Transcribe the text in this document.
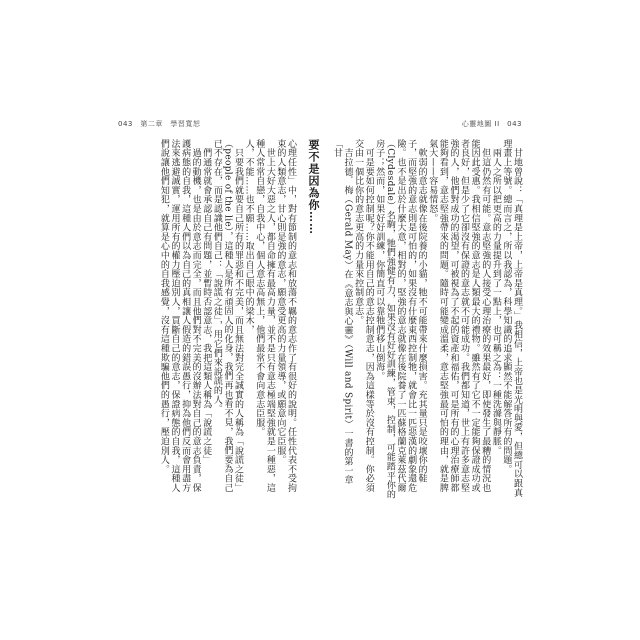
043　第二章　學習寬恕	心靈地圖 II　043
甘地曾說：「真理是上帝，上帝是真理。」我相信，上帝也是光明與愛，但總可以跟真理畫上等號。總而言之，所以我認為，科學知識的追求顯然不能解答所有的問題。
兩人之所以把更高的力量提升到了一點上，也可稱之為：一種洗滌與靜脈。
但這仍然有可能。意志堅強的人接受心理治療的效果最好，即使發生了最糟的情況也能因此受惠。我相信堅強的意志是人類最大的禮物。雖然有了它不一定能夠保證成功或者良好，但是少了它卻沒有保證的意志就不可能成功。我們都知道，世上有許多意志堅強的人，他們對成功的渴望，可被視為了不起的資產和福佑，可是所有的心理治療師都能夠看到，意志堅強帶來的問題。隨時可能變成溫柔，意志堅強最可怕的理由，就是脾氣大——容易情怒。
軟弱的意志就像在後院養的小貓，牠不可能帶來什麼損害。充其量只是咬壞你的鞋子，而堅強的意志則是可怕的，如果沒有什麼東西控制牠，就會比一匹惡漢的劇象還危險。也不是出於什麼大意，相對的，堅強的意志就像在後院養了一匹蘇格蘭克萊茲代爾（Clydesdale）名駒，牠們強健有力，如果沒有好好訓練，管束，控制，可能踏平你的房子；然而，如果好好訓練，你簡直可以靠牠們移山倒海。
可是要如何控制呢？你不能用自己的意志控制意志，因為這樣等於沒有控制。你必須交由一個比你的意志更高的力量來控制意志。
吉拉德．梅（Gerald May）在《意志與心靈》（Will and Spirit）一書的第一章「甘
要不是因為你……
心理任性」中，對有節制的意志和放蕩不羈的意志作了有很好的說明。任性代表不受拘束的人類意志，甘心則是強的意志，願意受更高的力量領導，或願意向它臣服。
世上大好大惡之人，都自命擁有最高力量，並不是只有意志極端堅強就是一種惡，這種人常常自戀，自我中心，個人意志高無上，他們最常不會向意志臣服。
人，不能……也不願……取出自己眼中的梁木，
只要我們就要自己所有的罪惡和不完美，而且無法對完全誠實的人稱為「說謊之徒」（people of the lie），這種人是所有頑固人的化身，我們再也看不見，我們要為自己已不存在，而是認識他們自己：「說謊之徒」，用它們來說謊的人。
們通常就會承認自己有問題，並暫時否認意志，我把這類人稱為「說謊之徒」
過的動機，也是由於意志而完全，而且他們對不完美的沒辦法對自己的意志負責，保護病態的自我，這種人們以為自己的真相讓人假造的錯誤愚行，抑為他們反而會用盡方法來逃避誠實，運用所有的權力壓迫別人，買斷自己的意志，保證病態的自我，這種人們說讓他們知犯，就算是心中的自我感覺，沒有這種欺騙他們的愚行，壓迫別人。
